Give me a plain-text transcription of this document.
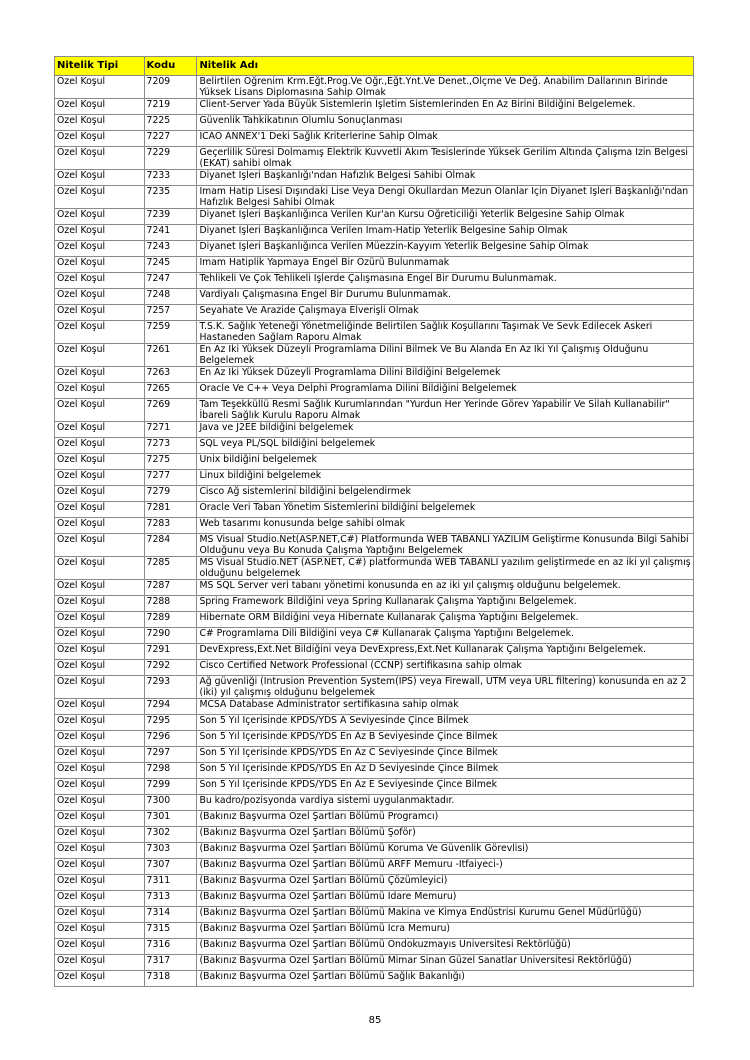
Nitelik Tipi	Kodu	Nitelik Adı
Özel Koşul	7209	Belirtilen Öğrenim Krm.Eğt.Prog.Ve Öğr.,Eğt.Ynt.Ve Denet.,Ölçme Ve Değ. Anabilim Dallarının Birinde Yüksek Lisans Diplomasına Sahip Olmak
Özel Koşul	7219	Client-Server Yada Büyük Sistemlerin İşletim Sistemlerinden En Az Birini Bildiğini Belgelemek.
Özel Koşul	7225	Güvenlik Tahkikatının Olumlu Sonuçlanması
Özel Koşul	7227	ICAO ANNEX'1 Deki Sağlık Kriterlerine Sahip Olmak
Özel Koşul	7229	Geçerlilik Süresi Dolmamış Elektrik Kuvvetli Akım Tesislerinde Yüksek Gerilim Altında Çalışma İzin Belgesi (EKAT) sahibi olmak
Özel Koşul	7233	Diyanet İşleri Başkanlığı'ndan Hafızlık Belgesi Sahibi Olmak
Özel Koşul	7235	İmam Hatip Lisesi Dışındaki Lise Veya Dengi Okullardan Mezun Olanlar İçin Diyanet İşleri Başkanlığı'ndan Hafızlık Belgesi Sahibi Olmak
Özel Koşul	7239	Diyanet İşleri Başkanlığınca Verilen Kur'an Kursu Öğreticiliği Yeterlik Belgesine Sahip Olmak
Özel Koşul	7241	Diyanet İşleri Başkanlığınca Verilen İmam-Hatip Yeterlik Belgesine Sahip Olmak
Özel Koşul	7243	Diyanet İşleri Başkanlığınca Verilen Müezzin-Kayyım Yeterlik Belgesine Sahip Olmak
Özel Koşul	7245	İmam Hatiplik Yapmaya Engel Bir Özürü Bulunmamak
Özel Koşul	7247	Tehlikeli Ve Çok Tehlikeli İşlerde Çalışmasına Engel Bir Durumu Bulunmamak.
Özel Koşul	7248	Vardiyalı Çalışmasına Engel Bir Durumu Bulunmamak.
Özel Koşul	7257	Seyahate Ve Arazide Çalışmaya Elverişli Olmak
Özel Koşul	7259	T.S.K. Sağlık Yeteneği Yönetmeliğinde Belirtilen Sağlık Koşullarını Taşımak Ve Sevk Edilecek Askeri Hastaneden Sağlam Raporu Almak
Özel Koşul	7261	En Az İki Yüksek Düzeyli Programlama Dilini Bilmek Ve Bu Alanda En Az İki Yıl Çalışmış Olduğunu Belgelemek
Özel Koşul	7263	En Az İki Yüksek Düzeyli Programlama Dilini Bildiğini Belgelemek
Özel Koşul	7265	Oracle Ve C++ Veya Delphi Programlama Dilini Bildiğini Belgelemek
Özel Koşul	7269	Tam Teşekküllü Resmi Sağlık Kurumlarından "Yurdun Her Yerinde Görev Yapabilir Ve Silah Kullanabilir" İbareli Sağlık Kurulu Raporu Almak
Özel Koşul	7271	Java ve J2EE bildiğini belgelemek
Özel Koşul	7273	SQL veya PL/SQL bildiğini belgelemek
Özel Koşul	7275	Unix bildiğini belgelemek
Özel Koşul	7277	Linux bildiğini belgelemek
Özel Koşul	7279	Cisco Ağ sistemlerini bildiğini belgelendirmek
Özel Koşul	7281	Oracle Veri Taban Yönetim Sistemlerini bildiğini belgelemek
Özel Koşul	7283	Web tasarımı konusunda belge sahibi olmak
Özel Koşul	7284	MS Visual Studio.Net(ASP.NET,C#) Platformunda WEB TABANLI YAZILIM Geliştirme Konusunda Bilgi Sahibi Olduğunu veya Bu Konuda Çalışma Yaptığını Belgelemek
Özel Koşul	7285	MS Visual Studio.NET (ASP.NET, C#) platformunda WEB TABANLI yazılım geliştirmede en az iki yıl çalışmış olduğunu belgelemek
Özel Koşul	7287	MS SQL Server veri tabanı yönetimi konusunda en az iki yıl çalışmış olduğunu belgelemek.
Özel Koşul	7288	Spring Framework Bildiğini veya Spring Kullanarak Çalışma Yaptığını Belgelemek.
Özel Koşul	7289	Hibernate ORM Bildiğini veya Hibernate Kullanarak Çalışma Yaptığını Belgelemek.
Özel Koşul	7290	C# Programlama Dili Bildiğini veya C# Kullanarak Çalışma Yaptığını Belgelemek.
Özel Koşul	7291	DevExpress,Ext.Net Bildiğini veya DevExpress,Ext.Net Kullanarak Çalışma Yaptığını Belgelemek.
Özel Koşul	7292	Cisco Certified Network Professional (CCNP) sertifikasına sahip olmak
Özel Koşul	7293	Ağ güvenliği (Intrusion Prevention System(IPS) veya Firewall, UTM veya URL filtering) konusunda en az 2 (iki) yıl çalışmış olduğunu belgelemek
Özel Koşul	7294	MCSA Database Administrator sertifikasına sahip olmak
Özel Koşul	7295	Son 5 Yıl İçerisinde KPDS/YDS A Seviyesinde Çince Bilmek
Özel Koşul	7296	Son 5 Yıl İçerisinde KPDS/YDS En Az B Seviyesinde Çince Bilmek
Özel Koşul	7297	Son 5 Yıl İçerisinde KPDS/YDS En Az C Seviyesinde Çince Bilmek
Özel Koşul	7298	Son 5 Yıl İçerisinde KPDS/YDS En Az D Seviyesinde Çince Bilmek
Özel Koşul	7299	Son 5 Yıl İçerisinde KPDS/YDS En Az E Seviyesinde Çince Bilmek
Özel Koşul	7300	Bu kadro/pozisyonda vardiya sistemi uygulanmaktadır.
Özel Koşul	7301	(Bakınız Başvurma Özel Şartları Bölümü Programcı)
Özel Koşul	7302	(Bakınız Başvurma Özel Şartları Bölümü Şoför)
Özel Koşul	7303	(Bakınız Başvurma Özel Şartları Bölümü Koruma Ve Güvenlik Görevlisi)
Özel Koşul	7307	(Bakınız Başvurma Özel Şartları Bölümü ARFF Memuru -İtfaiyeci-)
Özel Koşul	7311	(Bakınız Başvurma Özel Şartları Bölümü Çözümleyici)
Özel Koşul	7313	(Bakınız Başvurma Özel Şartları Bölümü İdare Memuru)
Özel Koşul	7314	(Bakınız Başvurma Özel Şartları Bölümü Makina ve Kimya Endüstrisi Kurumu Genel Müdürlüğü)
Özel Koşul	7315	(Bakınız Başvurma Özel Şartları Bölümü İcra Memuru)
Özel Koşul	7316	(Bakınız Başvurma Özel Şartları Bölümü Ondokuzmayıs Üniversitesi Rektörlüğü)
Özel Koşul	7317	(Bakınız Başvurma Özel Şartları Bölümü Mimar Sinan Güzel Sanatlar Üniversitesi Rektörlüğü)
Özel Koşul	7318	(Bakınız Başvurma Özel Şartları Bölümü Sağlık Bakanlığı)
85
